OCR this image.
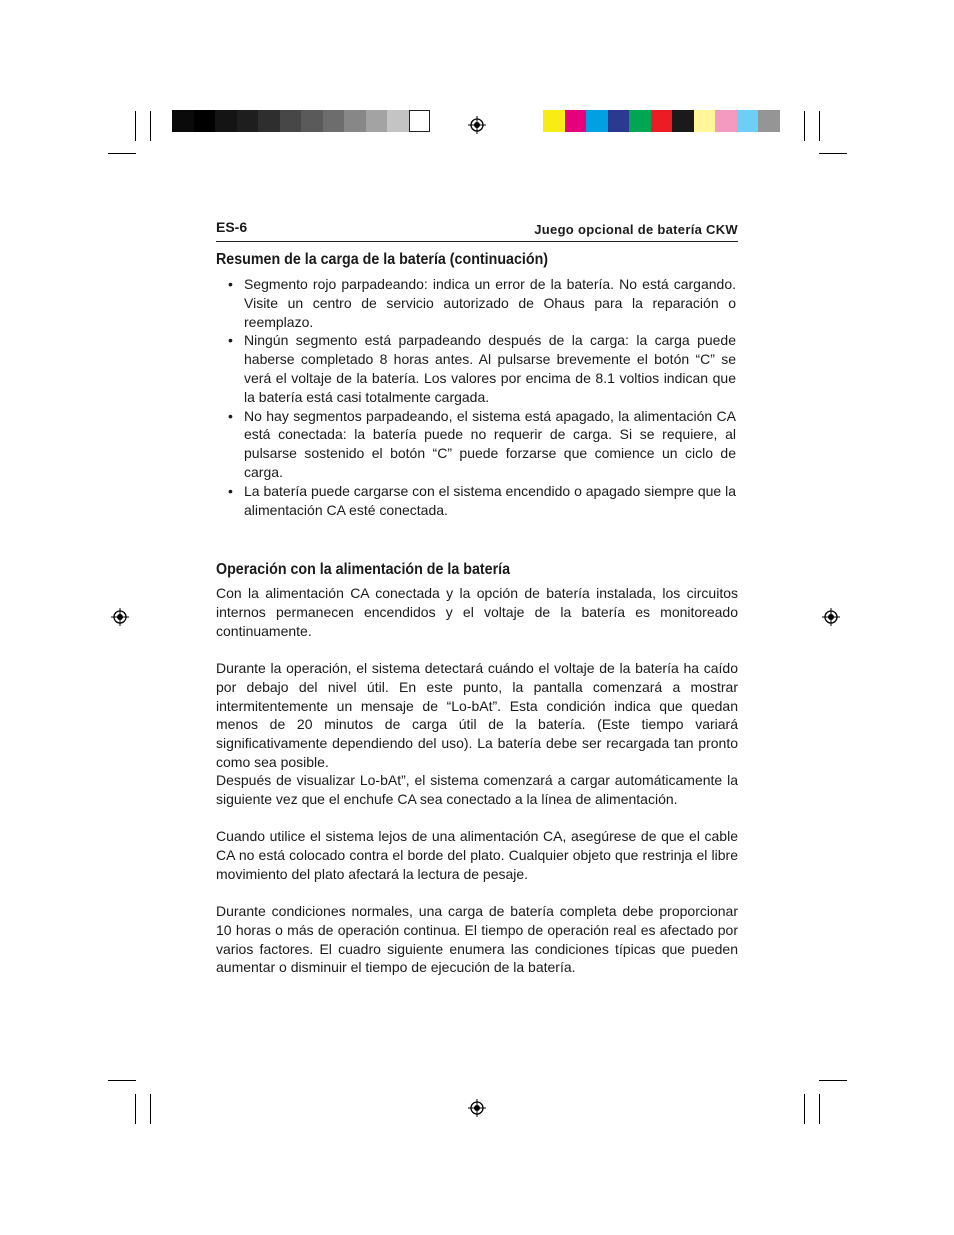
ES-6	Juego opcional de batería CKW
Resumen de la carga de la batería (continuación)
• Segmento rojo parpadeando: indica un error de la batería. No está cargando. Visite un centro de servicio autorizado de Ohaus para la reparación o reemplazo.
• Ningún segmento está parpadeando después de la carga: la carga puede haberse completado 8 horas antes. Al pulsarse brevemente el botón “C” se verá el voltaje de la batería. Los valores por encima de 8.1 voltios indican que la batería está casi totalmente cargada.
• No hay segmentos parpadeando, el sistema está apagado, la alimentación CA está conectada: la batería puede no requerir de carga. Si se requiere, al pulsarse sostenido el botón “C” puede forzarse que comience un ciclo de carga.
• La batería puede cargarse con el sistema encendido o apagado siempre que la alimentación CA esté conectada.
Operación con la alimentación de la batería

Con la alimentación CA conectada y la opción de batería instalada, los circuitos internos permanecen encendidos y el voltaje de la batería es monitoreado continuamente.

Durante la operación, el sistema detectará cuándo el voltaje de la batería ha caído por debajo del nivel útil. En este punto, la pantalla comenzará a mostrar intermitentemente un mensaje de “Lo-bAt”. Esta condición indica que quedan menos de 20 minutos de carga útil de la batería. (Este tiempo variará significativamente dependiendo del uso). La batería debe ser recargada tan pronto como sea posible.

Después de visualizar Lo-bAt”, el sistema comenzará a cargar automáticamente la siguiente vez que el enchufe CA sea conectado a la línea de alimentación.

Cuando utilice el sistema lejos de una alimentación CA, asegúrese de que el cable CA no está colocado contra el borde del plato. Cualquier objeto que restrinja el libre movimiento del plato afectará la lectura de pesaje.

Durante condiciones normales, una carga de batería completa debe proporcionar 10 horas o más de operación continua. El tiempo de operación real es afectado por varios factores. El cuadro siguiente enumera las condiciones típicas que pueden aumentar o disminuir el tiempo de ejecución de la batería.
